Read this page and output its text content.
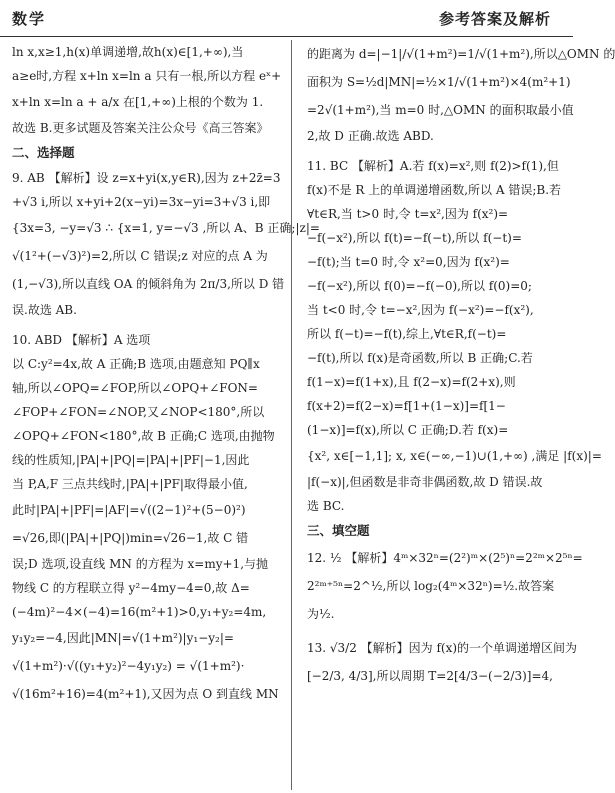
数学	参考答案及解析
ln x,x≥1,h(x)单调递增,故h(x)∈[1,+∞),当
a≥e时,方程 x+ln x=ln a 只有一根,所以方程 eˣ+
x+ln x=ln a + a/x 在[1,+∞)上根的个数为 1.
故选 B.更多试题及答案关注公众号《高三答案》
二、选择题
9. AB 【解析】设 z=x+yi(x,y∈R),因为 z+2z̄=3
+√3 i,所以 x+yi+2(x−yi)=3x−yi=3+√3 i,即
{3x=3, −y=√3 ∴ {x=1, y=−√3 ,所以 A、B 正确;|z|=
√(1²+(−√3)²)=2,所以 C 错误;z 对应的点 A 为
(1,−√3),所以直线 OA 的倾斜角为 2π/3,所以 D 错
误.故选 AB.
10. ABD 【解析】A 选项
以 C:y²=4x,故 A 正确;B 选项,由题意知 PQ∥x
轴,所以∠OPQ=∠FOP,所以∠OPQ+∠FON=
∠FOP+∠FON=∠NOP,又∠NOP<180°,所以
∠OPQ+∠FON<180°,故 B 正确;C 选项,由抛物
线的性质知,|PA|+|PQ|=|PA|+|PF|−1,因此
当 P,A,F 三点共线时,|PA|+|PF|取得最小值,
此时|PA|+|PF|=|AF|=√((2−1)²+(5−0)²)
=√26,即(|PA|+|PQ|)min=√26−1,故 C 错
误;D 选项,设直线 MN 的方程为 x=my+1,与抛
物线 C 的方程联立得 y²−4my−4=0,故 Δ=
(−4m)²−4×(−4)=16(m²+1)>0,y₁+y₂=4m,
y₁y₂=−4,因此|MN|=√(1+m²)|y₁−y₂|=
√(1+m²)·√((y₁+y₂)²−4y₁y₂) = √(1+m²)·
√(16m²+16)=4(m²+1),又因为点 O 到直线 MN
的距离为 d=|−1|/√(1+m²)=1/√(1+m²),所以△OMN 的
面积为 S=½d|MN|=½×1/√(1+m²)×4(m²+1)
=2√(1+m²),当 m=0 时,△OMN 的面积取最小值
2,故 D 正确.故选 ABD.
11. BC 【解析】A.若 f(x)=x²,则 f(2)>f(1),但
f(x)不是 R 上的单调递增函数,所以 A 错误;B.若
∀t∈R,当 t>0 时,令 t=x²,因为 f(x²)=
−f(−x²),所以 f(t)=−f(−t),所以 f(−t)=
−f(t);当 t=0 时,令 x²=0,因为 f(x²)=
−f(−x²),所以 f(0)=−f(−0),所以 f(0)=0;
当 t<0 时,令 t=−x²,因为 f(−x²)=−f(x²),
所以 f(−t)=−f(t),综上,∀t∈R,f(−t)=
−f(t),所以 f(x)是奇函数,所以 B 正确;C.若
f(1−x)=f(1+x),且 f(2−x)=f(2+x),则
f(x+2)=f(2−x)=f[1+(1−x)]=f[1−
(1−x)]=f(x),所以 C 正确;D.若 f(x)=
{x², x∈[−1,1]; x, x∈(−∞,−1)∪(1,+∞) ,满足 |f(x)|=
|f(−x)|,但函数是非奇非偶函数,故 D 错误.故
选 BC.
三、填空题
12. ½ 【解析】4ᵐ×32ⁿ=(2²)ᵐ×(2⁵)ⁿ=2²ᵐ×2⁵ⁿ=
2²ᵐ⁺⁵ⁿ=2^½,所以 log₂(4ᵐ×32ⁿ)=½.故答案
为½.
13. √3/2 【解析】因为 f(x)的一个单调递增区间为
[−2/3, 4/3],所以周期 T=2[4/3−(−2/3)]=4,
